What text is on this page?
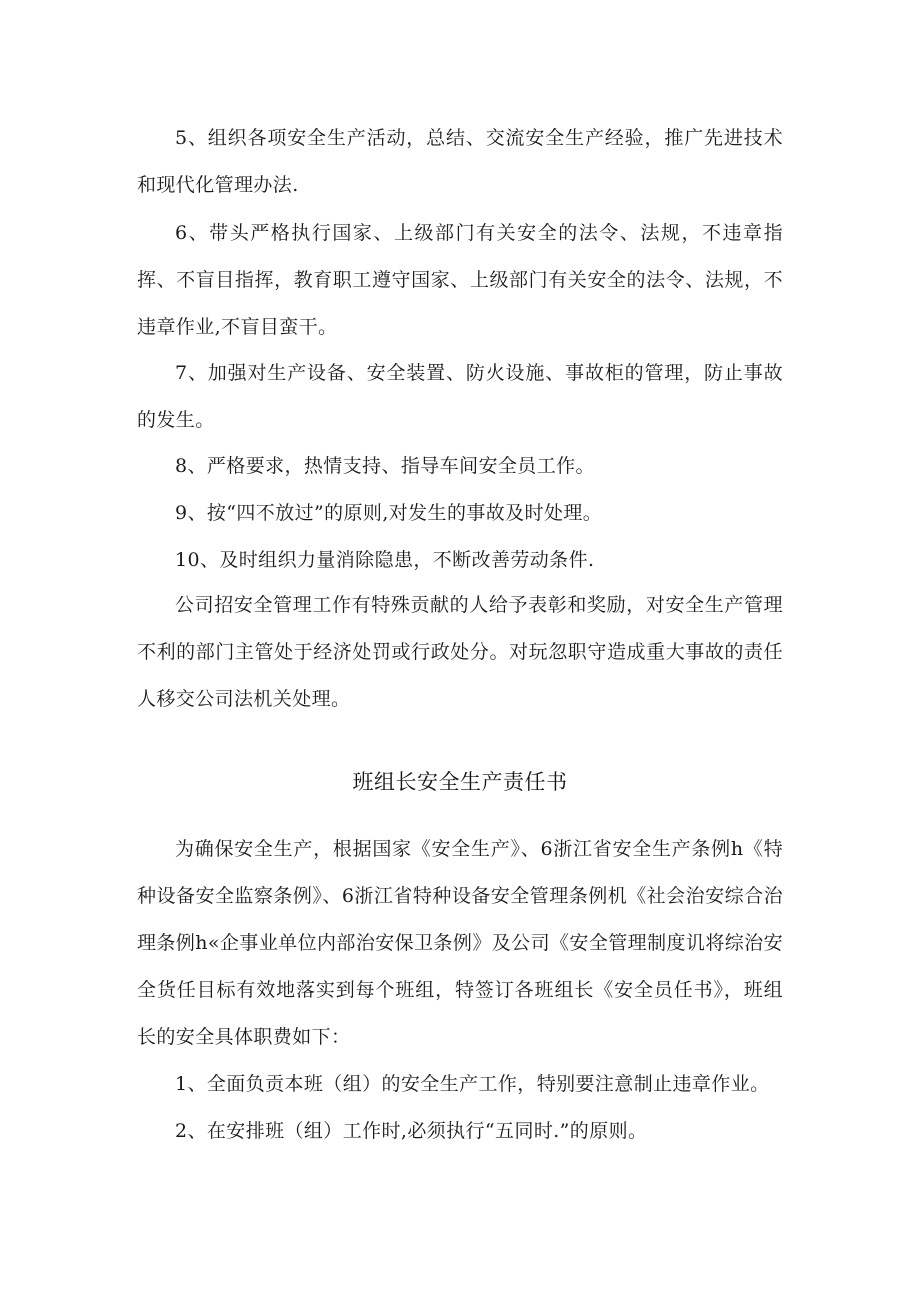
5、组织各项安全生产活动，总结、交流安全生产经验，推广先进技术和现代化管理办法.

6、带头严格执行国家、上级部门有关安全的法令、法规，不违章指挥、不盲目指挥，教育职工遵守国家、上级部门有关安全的法令、法规，不违章作业,不盲目蛮干。

7、加强对生产设备、安全装置、防火设施、事故柜的管理，防止事故的发生。

8、严格要求，热情支持、指导车间安全员工作。

9、按“四不放过”的原则,对发生的事故及时处理。

10、及时组织力量消除隐患，不断改善劳动条件.

公司招安全管理工作有特殊贡献的人给予表彰和奖励，对安全生产管理不利的部门主管处于经济处罚或行政处分。对玩忽职守造成重大事故的责任人移交公司法机关处理。

班组长安全生产责任书

为确保安全生产，根据国家《安全生产》、6浙江省安全生产条例h《特种设备安全监察条例》、6浙江省特种设备安全管理条例机《社会治安综合治理条例h«企事业单位内部治安保卫条例》及公司《安全管理制度讥将综治安全货任目标有效地落实到每个班组，特签订各班组长《安全员任书》，班组长的安全具体职费如下：

1、全面负贡本班（组）的安全生产工作，特别要注意制止违章作业。

2、在安排班（组）工作时,必须执行“五同时.”的原则。
